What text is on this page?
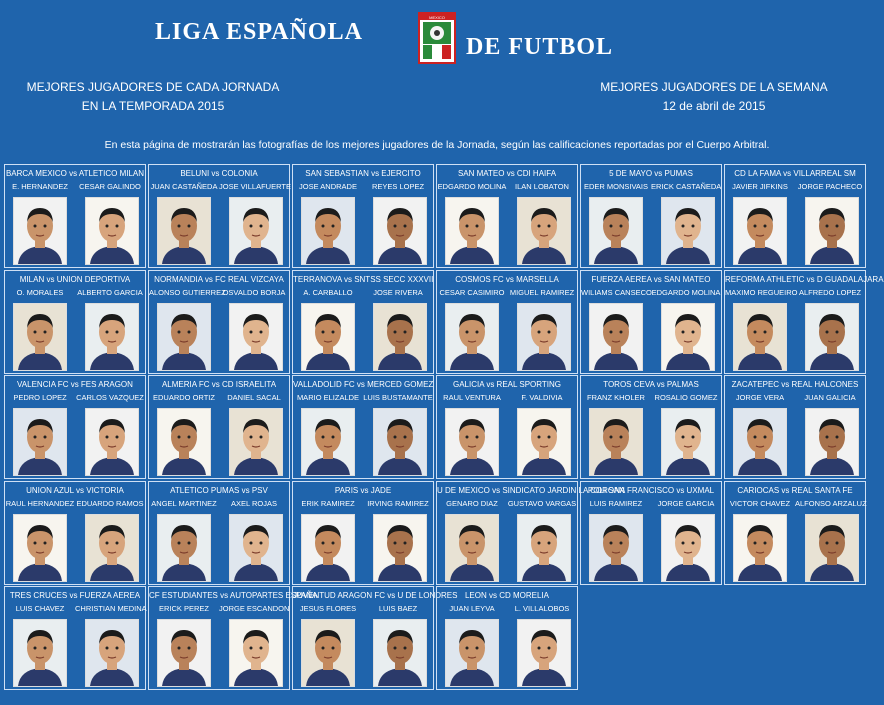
LIGA ESPAÑOLA
MEXICO
DE FUTBOL
MEJORES JUGADORES DE CADA JORNADA
EN LA TEMPORADA 2015
MEJORES JUGADORES DE LA SEMANA
12 de abril de 2015
En esta página de mostrarán las fotografías de los mejores jugadores de la Jornada, según las calificaciones reportadas por el Cuerpo Arbitral.
BARCA MEXICO vs ATLETICO MILAN
E. HERNANDEZ	CESAR GALINDO
BELUNI vs COLONIA
JUAN CASTAÑEDA JOSE VILLAFUERTE
SAN SEBASTIAN vs EJERCITO
JOSE ANDRADE	REYES LOPEZ
SAN MATEO vs CDI HAIFA
EDGARDO MOLINA	ILAN LOBATON
5 DE MAYO vs PUMAS
EDER MONSIVAIS ERICK CASTAÑEDA
CD LA FAMA vs VILLARREAL SM
JAVIER JIFKINS	JORGE PACHECO
MILAN vs UNION DEPORTIVA
O. MORALES	ALBERTO GARCIA
NORMANDIA vs FC REAL VIZCAYA
ALONSO GUTIERREZ
OSVALDO BORJA
TERRANOVA vs SNTSS SECC XXXVII
A. CARBALLO	JOSE RIVERA
COSMOS FC vs MARSELLA
CESAR CASIMIRO MIGUEL RAMIREZ
FUERZA AEREA vs SAN MATEO
WILIAMS CANSECO EDGARDO MOLINA
REFORMA ATHLETIC vs D GUADALAJARA
MAXIMO REGUEIRO ALFREDO LOPEZ
VALENCIA FC vs FES ARAGON
PEDRO LOPEZ	CARLOS VAZQUEZ
ALMERIA FC vs CD ISRAELITA
EDUARDO ORTIZ	DANIEL SACAL
VALLADOLID FC vs MERCED GOMEZ
MARIO ELIZALDE LUIS BUSTAMANTE
GALICIA vs REAL SPORTING
RAUL VENTURA	F. VALDIVIA
TOROS CEVA vs PALMAS
FRANZ KHOLER	ROSALIO GOMEZ
ZACATEPEC vs REAL HALCONES
JORGE VERA	JUAN GALICIA
UNION AZUL vs VICTORIA
RAUL HERNANDEZ EDUARDO RAMOS
ATLETICO PUMAS vs PSV
ANGEL MARTINEZ	AXEL ROJAS
PARIS vs JADE
ERIK RAMIREZ	IRVING RAMIREZ
U DE MEXICO vs SINDICATO JARDIN LA CORONA
GENARO DIAZ	GUSTAVO VARGAS
POLI SAN FRANCISCO vs UXMAL
LUIS RAMIREZ	JORGE GARCIA
CARIOCAS vs REAL SANTA FE
VICTOR CHAVEZ ALFONSO ARZALUZ
TRES CRUCES vs FUERZA AEREA
LUIS CHAVEZ	CHRISTIAN MEDINA
CF ESTUDIANTES vs AUTOPARTES ESPAÑA
ERICK PEREZ	JORGE ESCANDON
JUVENTUD ARAGON FC vs U DE LONDRES
JESUS FLORES	LUIS BAEZ
LEON vs CD MORELIA
JUAN LEYVA	L. VILLALOBOS
